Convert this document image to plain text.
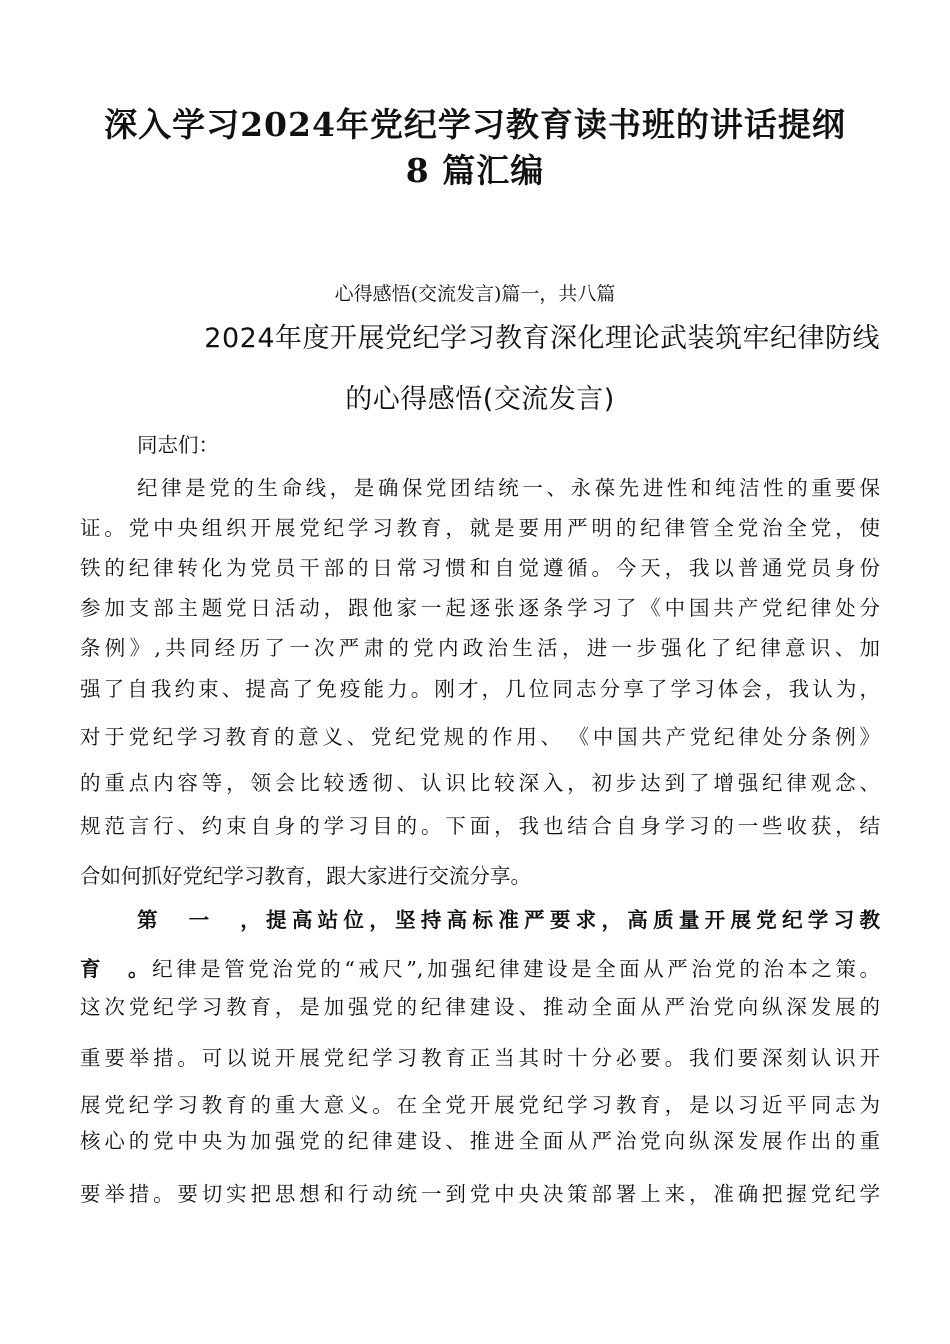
深入学习2024年党纪学习教育读书班的讲话提纲
8 篇汇编
心得感悟(交流发言)篇一，共八篇
2024年度开展党纪学习教育深化理论武装筑牢纪律防线
的心得感悟(交流发言)
同志们：
纪律是党的生命线，是确保党团结统一、永葆先进性和纯洁性的重要保
证。党中央组织开展党纪学习教育，就是要用严明的纪律管全党治全党，使
铁的纪律转化为党员干部的日常习惯和自觉遵循。今天，我以普通党员身份
参加支部主题党日活动，跟他家一起逐张逐条学习了《中国共产党纪律处分
条例》,共同经历了一次严肃的党内政治生活，进一步强化了纪律意识、加
强了自我约束、提高了免疫能力。刚才，几位同志分享了学习体会，我认为，
对于党纪学习教育的意义、党纪党规的作用、　《中国共产党纪律处分条例》
的重点内容等，领会比较透彻、认识比较深入，初步达到了增强纪律观念、
规范言行、约束自身的学习目的。下面，我也结合自身学习的一些收获，结
合如何抓好党纪学习教育，跟大家进行交流分享。
第　一　，提高站位，坚持高标准严要求，高质量开展党纪学习教
育　。纪律是管党治党的“戒尺”,加强纪律建设是全面从严治党的治本之策。
这次党纪学习教育，是加强党的纪律建设、推动全面从严治党向纵深发展的
重要举措。可以说开展党纪学习教育正当其时十分必要。我们要深刻认识开
展党纪学习教育的重大意义。在全党开展党纪学习教育，是以习近平同志为
核心的党中央为加强党的纪律建设、推进全面从严治党向纵深发展作出的重
要举措。要切实把思想和行动统一到党中央决策部署上来，准确把握党纪学
